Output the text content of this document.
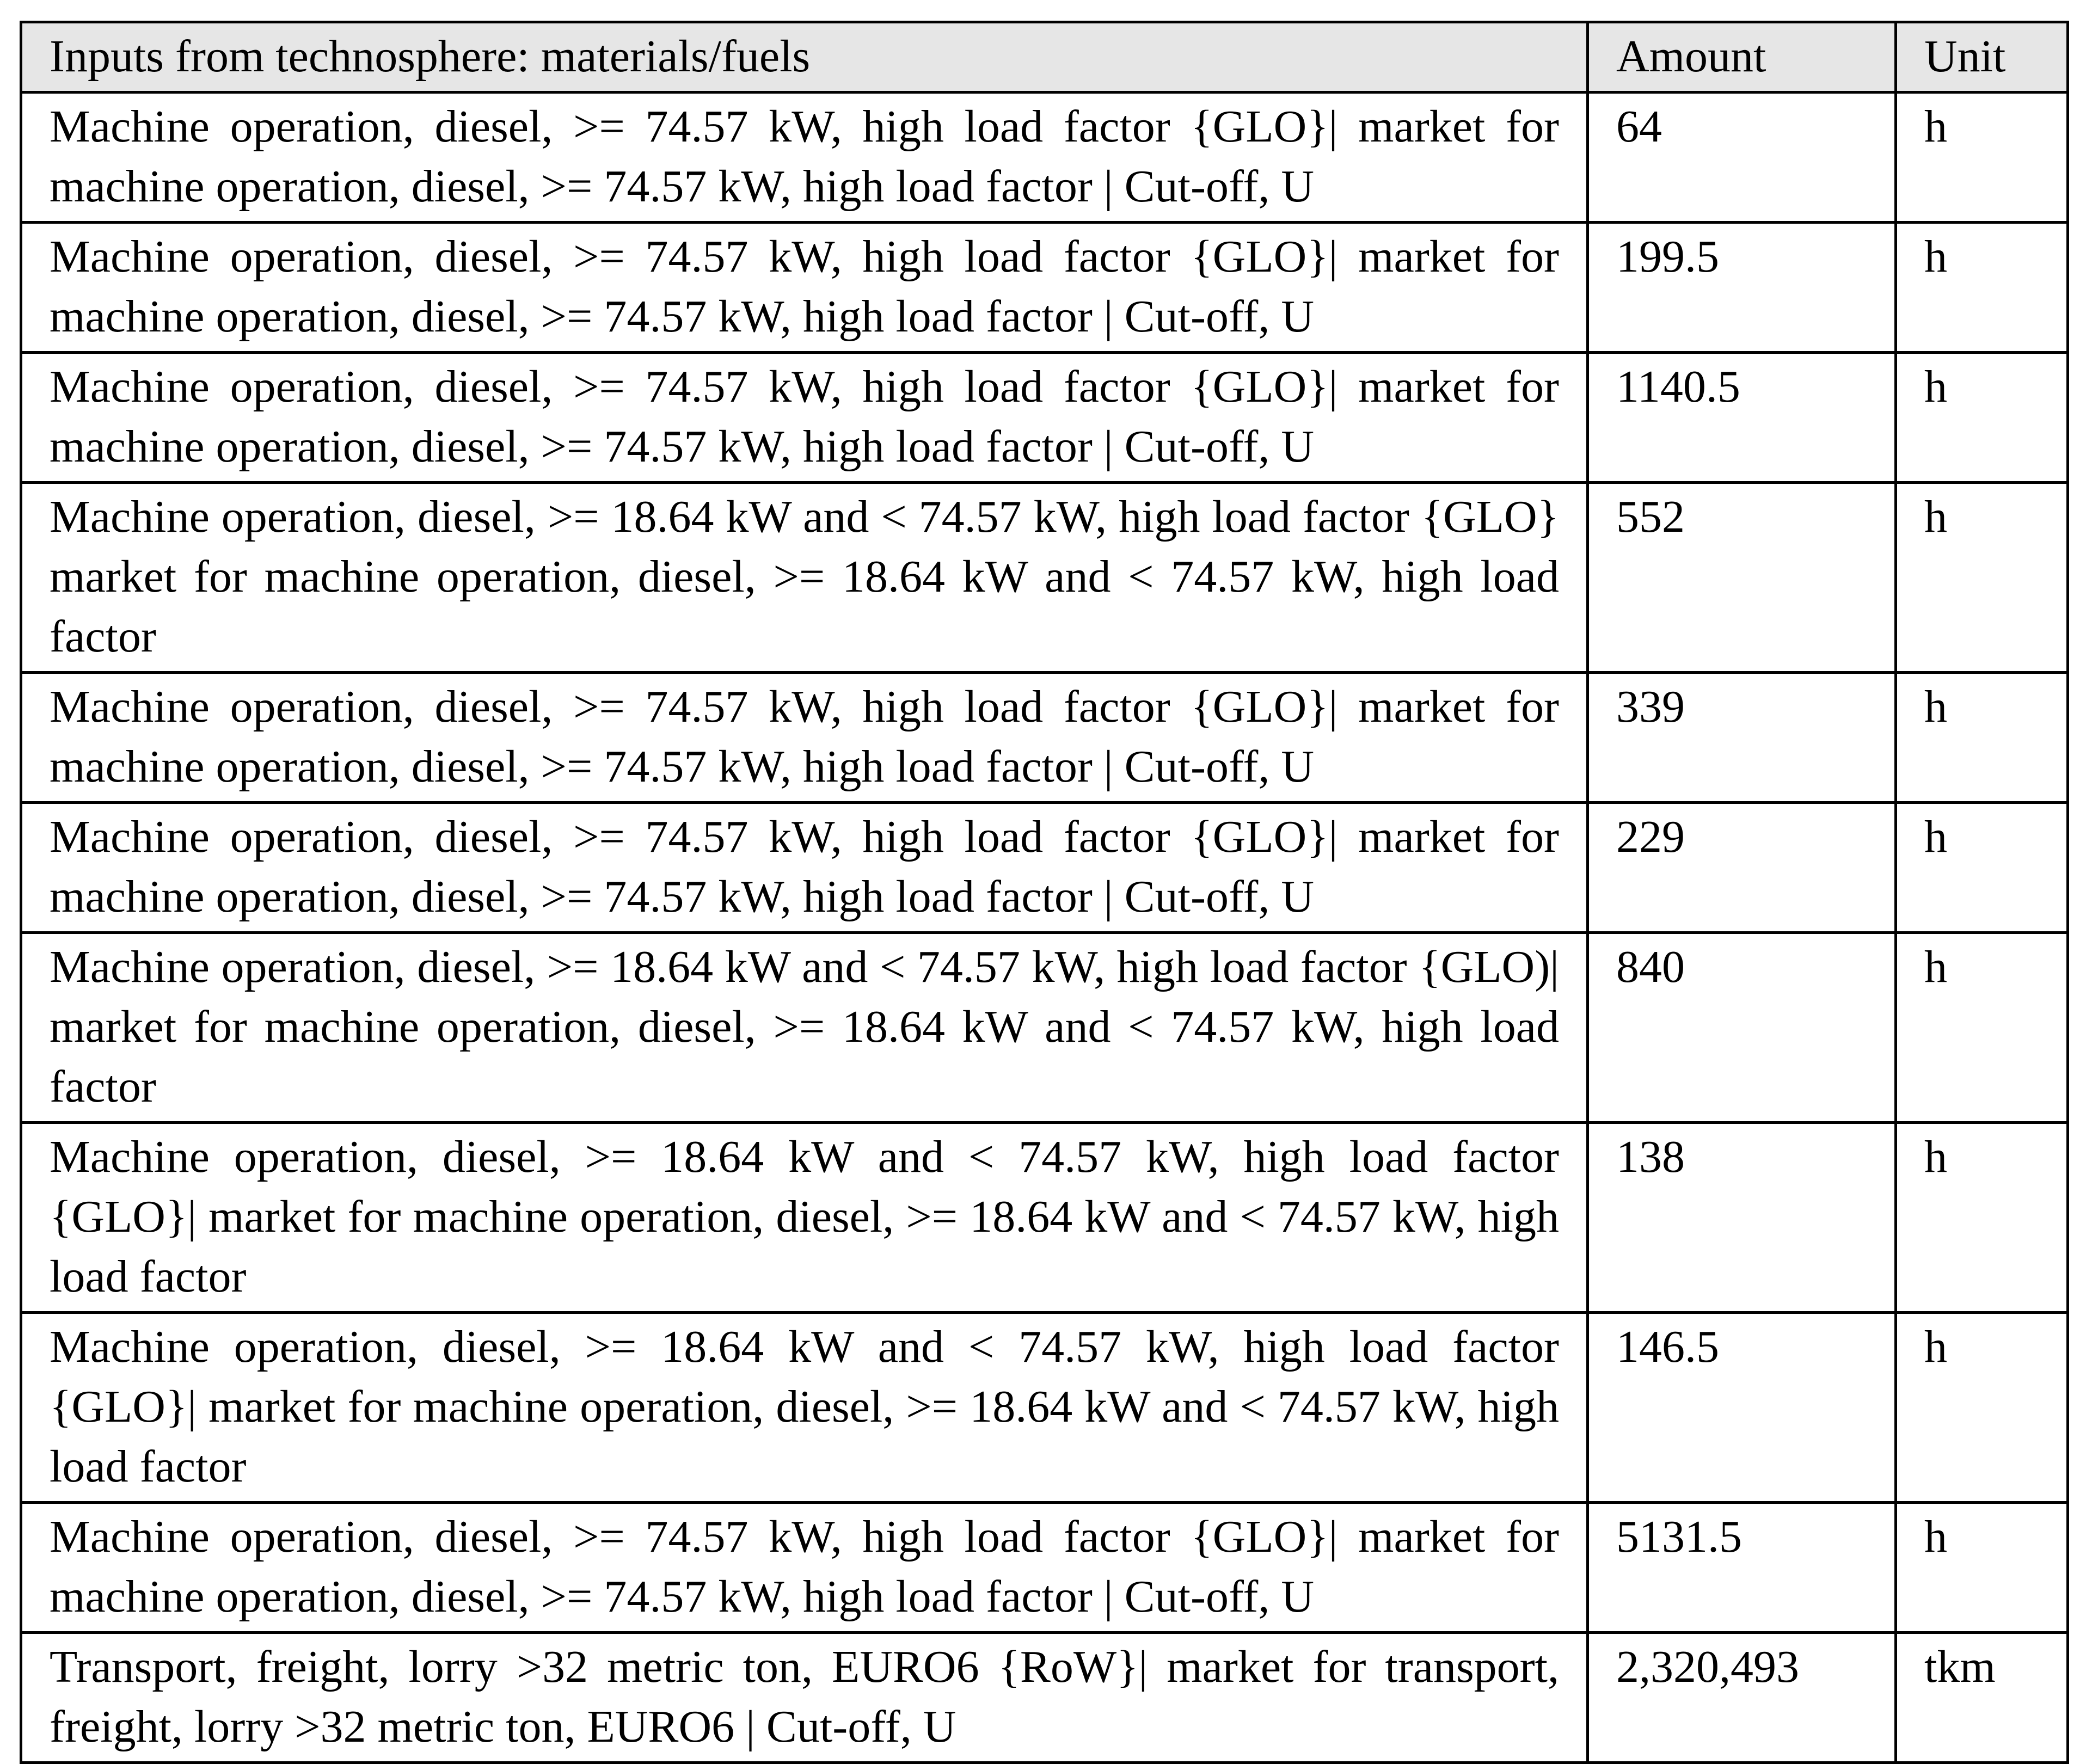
Inputs from technosphere: materials/fuels	Amount	Unit
Machine operation, diesel, >= 74.57 kW, high load factor {GLO}| market for machine operation, diesel, >= 74.57 kW, high load factor | Cut-off, U	64	h
Machine operation, diesel, >= 74.57 kW, high load factor {GLO}| market for machine operation, diesel, >= 74.57 kW, high load factor | Cut-off, U	199.5	h
Machine operation, diesel, >= 74.57 kW, high load factor {GLO}| market for machine operation, diesel, >= 74.57 kW, high load factor | Cut-off, U	1140.5	h
Machine operation, diesel, >= 18.64 kW and < 74.57 kW, high load factor {GLO} market for machine operation, diesel, >= 18.64 kW and < 74.57 kW, high load factor	552	h
Machine operation, diesel, >= 74.57 kW, high load factor {GLO}| market for machine operation, diesel, >= 74.57 kW, high load factor | Cut-off, U	339	h
Machine operation, diesel, >= 74.57 kW, high load factor {GLO}| market for machine operation, diesel, >= 74.57 kW, high load factor | Cut-off, U	229	h
Machine operation, diesel, >= 18.64 kW and < 74.57 kW, high load factor {GLO)| market for machine operation, diesel, >= 18.64 kW and < 74.57 kW, high load factor	840	h
Machine operation, diesel, >= 18.64 kW and < 74.57 kW, high load factor {GLO}| market for machine operation, diesel, >= 18.64 kW and < 74.57 kW, high load factor	138	h
Machine operation, diesel, >= 18.64 kW and < 74.57 kW, high load factor {GLO}| market for machine operation, diesel, >= 18.64 kW and < 74.57 kW, high load factor	146.5	h
Machine operation, diesel, >= 74.57 kW, high load factor {GLO}| market for machine operation, diesel, >= 74.57 kW, high load factor | Cut-off, U	5131.5	h
Transport, freight, lorry >32 metric ton, EURO6 {RoW}| market for transport, freight, lorry >32 metric ton, EURO6 | Cut-off, U	2,320,493	tkm
